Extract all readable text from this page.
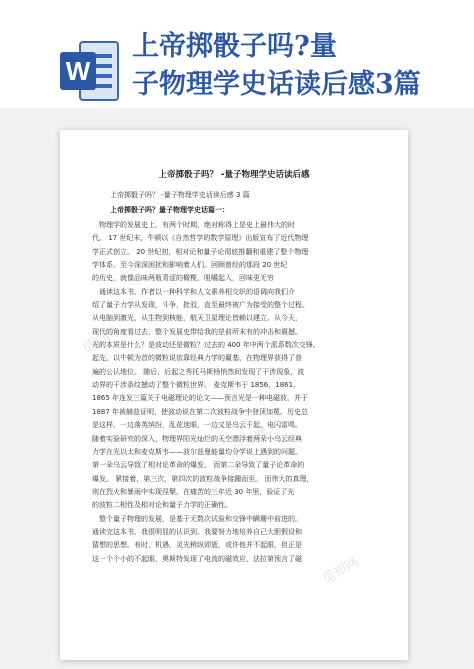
W
上帝掷骰子吗?量
子物理学史话读后感3篇
上帝掷骰子吗？ -量子物理学史话读后感
上帝掷骰子吗？ -量子物理学史话读后感 3 篇
上帝掷骰子吗？量子物理学史话篇一：
　物理学的发展史上，有两个时期，绝对称得上是史上最伟大的时
代。 17 世纪末，牛顿以《自然哲学的数学原理》出版宣布了近代物理
学正式创立。 20 世纪初，相对论和量子论彻底推翻和重建了整个物理
学体系。至今深深困扰和影响着人们。回顾曾经的那段 20 世纪
的历史，就像品味两瓶青涩的橄榄，咀嚼起入，回味更无穷
　通读这本书，作者以一种科学和人文素养相交织的语调向我们介
绍了量子力学从发现，斗争，批驳，直至最终被广为接受的整个过程。
从电脑到激光，从生物到核能，航天卫星理论皆赖以建立。从今天，
现代的角度看过去，整个发展史带给我的是前所未有的冲击和震撼。
光的本质是什么？是波动还是微粒？过去的 400 年中两个派系数次交锋。
起先，以牛顿为首的微粒说依靠经典力学的羸基，在物理界获得了普
遍的公认地位。 随后，后起之秀托马斯杨悄然间发现了干涉现象，波
动界的干涉条纹撼动了整个微粒世界。 麦克斯韦于 1856，1861，
1865 年连发三篇关于电磁理论的论文——预言光是一种电磁波，并于
1887 年被赫兹证明，使波动说在第二次波粒战争中登顶加冕。历史总
是这样，一边落英缤纷，乱花迷眼，一边又是乌云千起，电闪雷鸣。
随着实验研究的深入，物理界阳光灿烂的天空漂浮着两朵小乌云经典
力学在光以太和麦克斯韦——波尔兹曼能量均分学说上遇到的问题。
第一朵乌云导致了相对论革命的爆发， 而第二朵导致了量子论革命的
爆发。 紧接着，第三次，第四次的波粒战争接踵而至。 而伟大的真理，
则在烈火和暴雨中实现涅槃。在痛苦的三年近 30 年里，验证了光
的波粒二相性及相对论和量子力学的正确性。
　整个量子物理的发展，是基于无数次试验和交锋中瞒珊中前进的。
通读完这本书，我很明显的认识到。我要努力地培养自己大胆假设和
猜想的思想。有时，机遇，灵光稍纵即逝，或许他并不起眼，但正是
这一个个小的不起眼，奥斯特发现了电流的磁效应，法拉第预言了磁
觅知网
觅知网
觅知网
